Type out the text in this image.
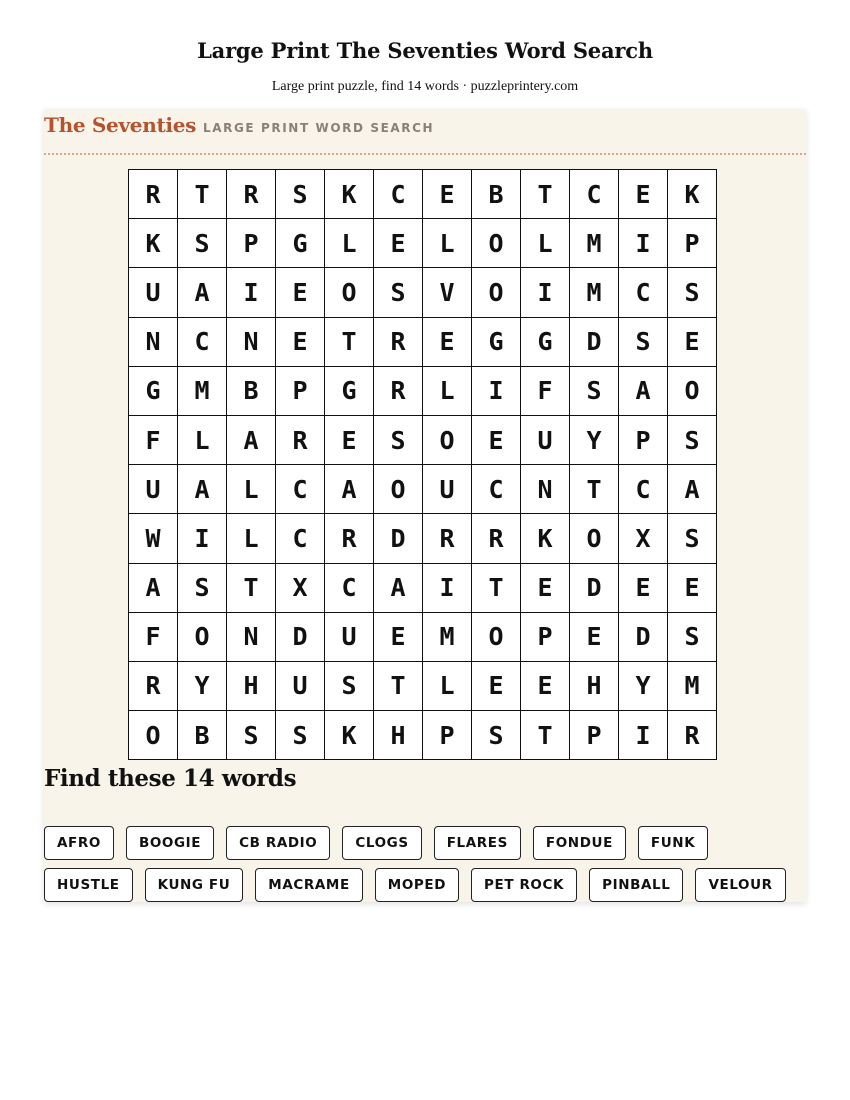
Large Print The Seventies Word Search
Large print puzzle, find 14 words · puzzleprintery.com
The Seventies LARGE PRINT WORD SEARCH
R	T	R	S	K	C	E	B	T	C	E	K
K	S	P	G	L	E	L	O	L	M	I	P
U	A	I	E	O	S	V	O	I	M	C	S
N	C	N	E	T	R	E	G	G	D	S	E
G	M	B	P	G	R	L	I	F	S	A	O
F	L	A	R	E	S	O	E	U	Y	P	S
U	A	L	C	A	O	U	C	N	T	C	A
W	I	L	C	R	D	R	R	K	O	X	S
A	S	T	X	C	A	I	T	E	D	E	E
F	O	N	D	U	E	M	O	P	E	D	S
R	Y	H	U	S	T	L	E	E	H	Y	M
O	B	S	S	K	H	P	S	T	P	I	R
Find these 14 words
AFRO	BOOGIE	CB RADIO	CLOGS	FLARES	FONDUE	FUNK
HUSTLE	KUNG FU	MACRAME	MOPED	PET ROCK	PINBALL	VELOUR
